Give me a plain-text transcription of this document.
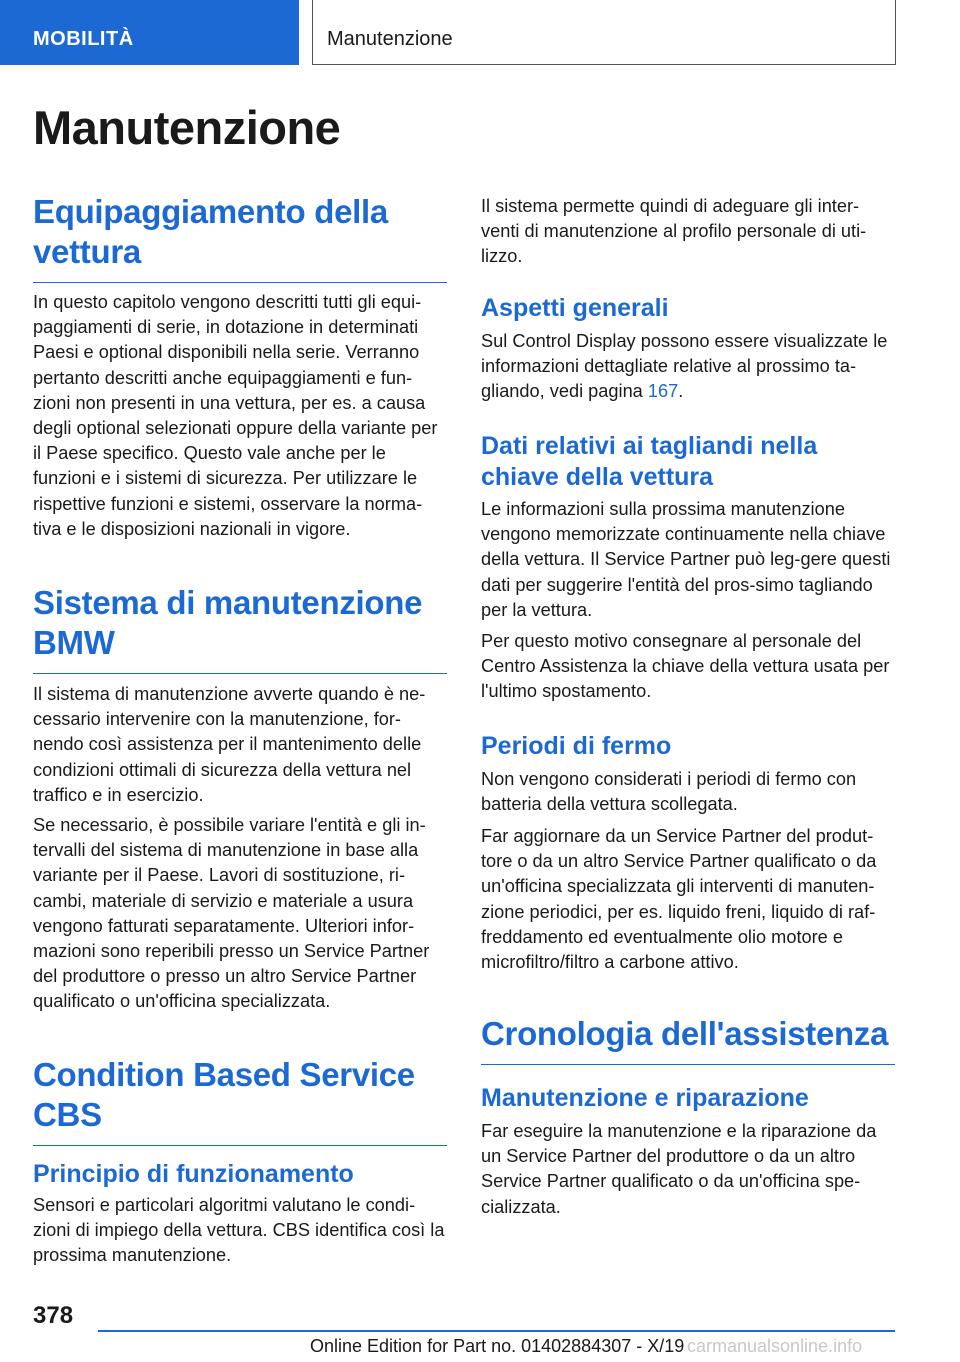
MOBILITÀ	Manutenzione
Manutenzione
Equipaggiamento della vettura

In questo capitolo vengono descritti tutti gli equi-paggiamenti di serie, in dotazione in determinati Paesi e optional disponibili nella serie. Verranno pertanto descritti anche equipaggiamenti e fun-zioni non presenti in una vettura, per es. a causa degli optional selezionati oppure della variante per il Paese specifico. Questo vale anche per le funzioni e i sistemi di sicurezza. Per utilizzare le rispettive funzioni e sistemi, osservare la norma-tiva e le disposizioni nazionali in vigore.

Sistema di manutenzione BMW

Il sistema di manutenzione avverte quando è ne-cessario intervenire con la manutenzione, for-nendo così assistenza per il mantenimento delle condizioni ottimali di sicurezza della vettura nel traffico e in esercizio.

Se necessario, è possibile variare l'entità e gli in-tervalli del sistema di manutenzione in base alla variante per il Paese. Lavori di sostituzione, ri-cambi, materiale di servizio e materiale a usura vengono fatturati separatamente. Ulteriori infor-mazioni sono reperibili presso un Service Partner del produttore o presso un altro Service Partner qualificato o un'officina specializzata.

Condition Based Service CBS
Principio di funzionamento

Sensori e particolari algoritmi valutano le condi-zioni di impiego della vettura. CBS identifica così la prossima manutenzione.

Il sistema permette quindi di adeguare gli inter-venti di manutenzione al profilo personale di uti-lizzo.

Aspetti generali

Sul Control Display possono essere visualizzate le informazioni dettagliate relative al prossimo ta-gliando, vedi pagina 167.

Dati relativi ai tagliandi nella chiave della vettura

Le informazioni sulla prossima manutenzione vengono memorizzate continuamente nella chiave della vettura. Il Service Partner può leg-gere questi dati per suggerire l'entità del pros-simo tagliando per la vettura.

Per questo motivo consegnare al personale del Centro Assistenza la chiave della vettura usata per l'ultimo spostamento.

Periodi di fermo

Non vengono considerati i periodi di fermo con batteria della vettura scollegata.

Far aggiornare da un Service Partner del produt-tore o da un altro Service Partner qualificato o da un'officina specializzata gli interventi di manuten-zione periodici, per es. liquido freni, liquido di raf-freddamento ed eventualmente olio motore e microfiltro/filtro a carbone attivo.

Cronologia dell'assistenza
Manutenzione e riparazione

Far eseguire la manutenzione e la riparazione da un Service Partner del produttore o da un altro Service Partner qualificato o da un'officina spe-cializzata.

378
Online Edition for Part no. 01402884307 - X/19 carmanualsonline.info
